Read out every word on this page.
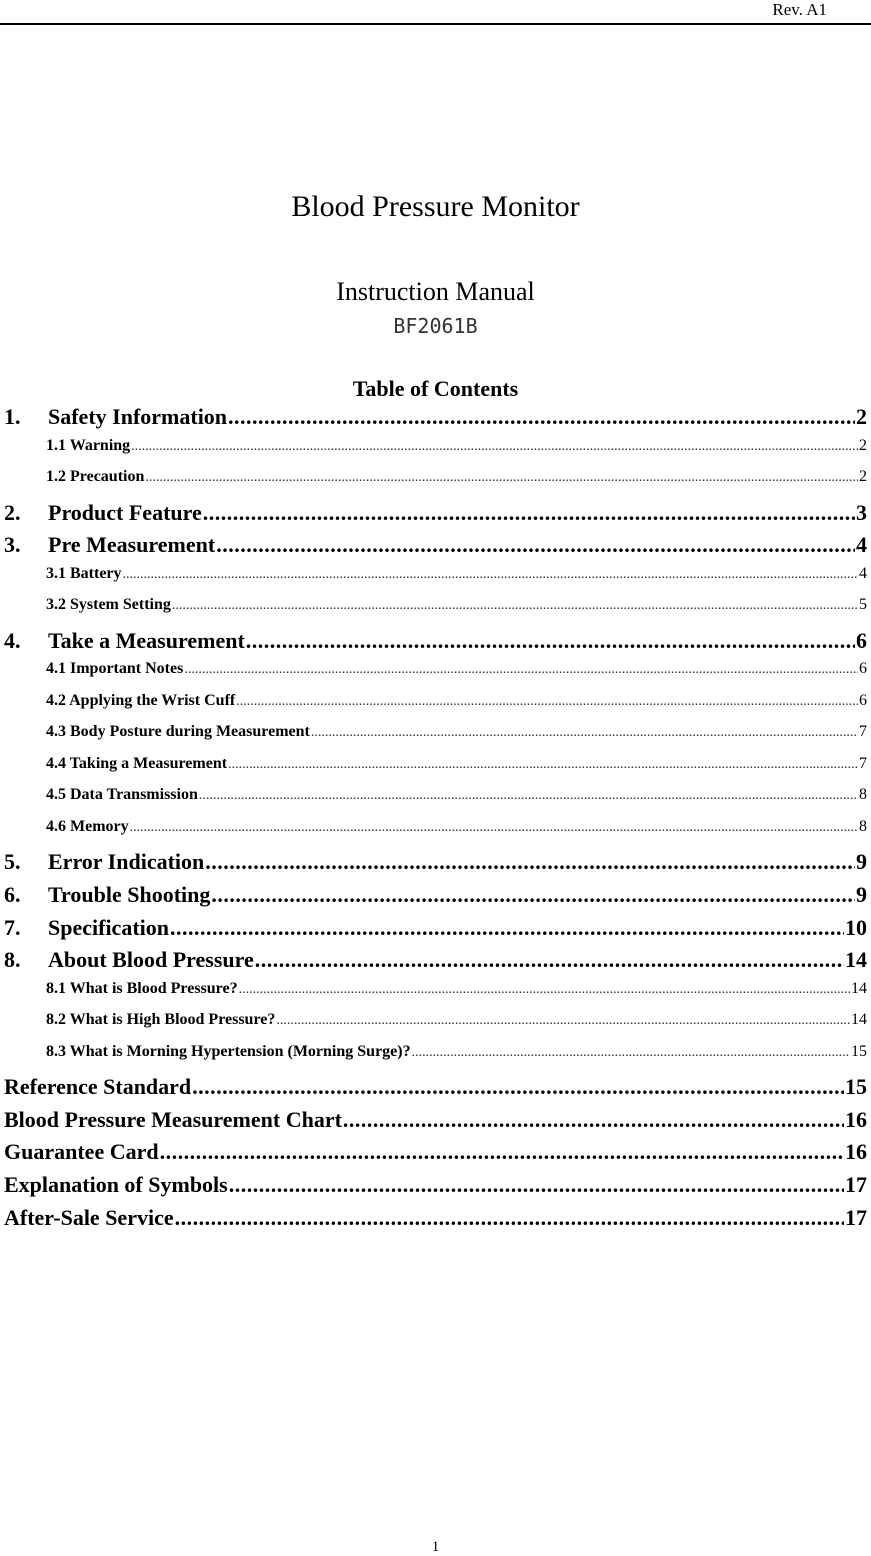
Rev. A1
Blood Pressure Monitor
Instruction Manual
BF2061B
Table of Contents
1.	Safety Information .....	2
1.1 Warning .....	2
1.2 Precaution .....	2
2.	Product Feature .....	3
3.	Pre Measurement .....	4
3.1 Battery .....	4
3.2 System Setting .....	5
4.	Take a Measurement .....	6
4.1 Important Notes .....	6
4.2 Applying the Wrist Cuff .....	6
4.3 Body Posture during Measurement .....	7
4.4 Taking a Measurement .....	7
4.5 Data Transmission .....	8
4.6 Memory .....	8
5.	Error Indication .....	9
6.	Trouble Shooting .....	9
7.	Specification .....	10
8.	About Blood Pressure .....	14
8.1 What is Blood Pressure? .....	14
8.2 What is High Blood Pressure? .....	14
8.3 What is Morning Hypertension (Morning Surge)? .....	15
Reference Standard .....	15
Blood Pressure Measurement Chart .....	16
Guarantee Card .....	16
Explanation of Symbols .....	17
After-Sale Service .....	17
1
